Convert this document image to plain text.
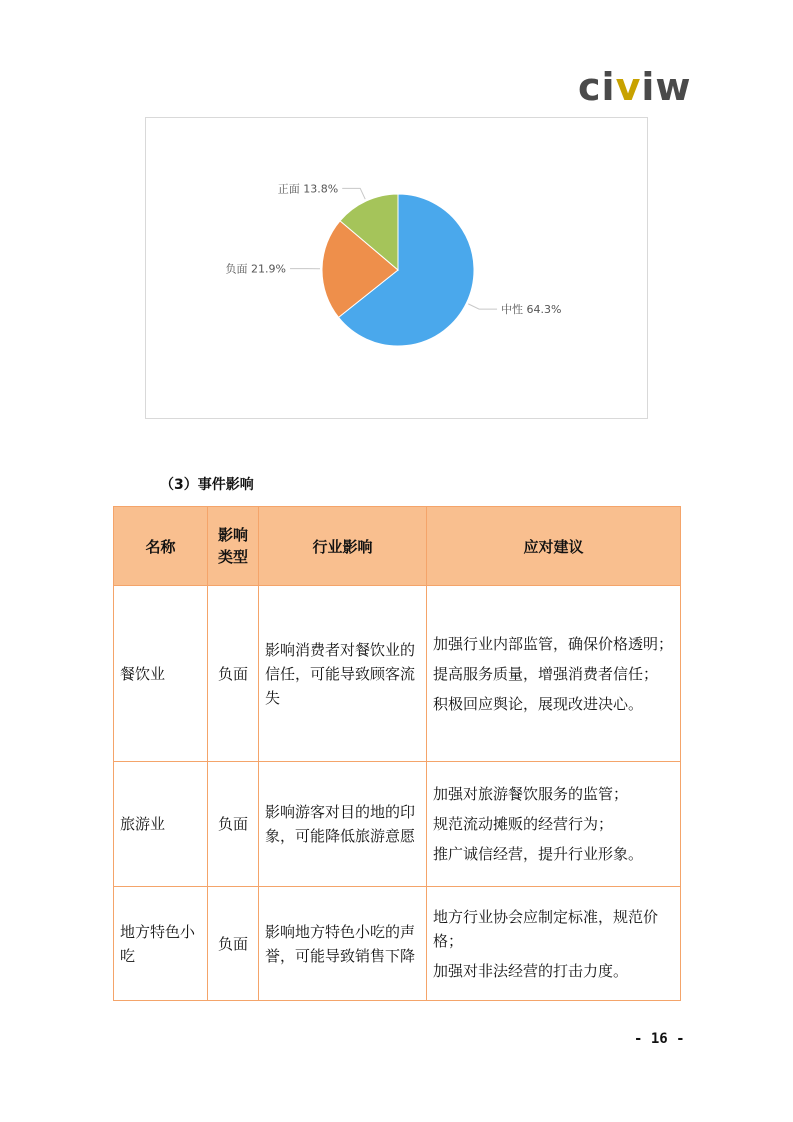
civiw
中性 64.3%
负面 21.9%
正面 13.8%
（3）事件影响
名称	影响类型	行业影响	应对建议
餐饮业	负面	影响消费者对餐饮业的信任，可能导致顾客流失	加强行业内部监管，确保价格透明；
提高服务质量，增强消费者信任；
积极回应舆论，展现改进决心。

旅游业	负面	影响游客对目的地的印象，可能降低旅游意愿	加强对旅游餐饮服务的监管；
规范流动摊贩的经营行为；
推广诚信经营，提升行业形象。

地方特色小吃	负面	影响地方特色小吃的声誉，可能导致销售下降	地方行业协会应制定标准，规范价格；
加强对非法经营的打击力度。
- 16 -
